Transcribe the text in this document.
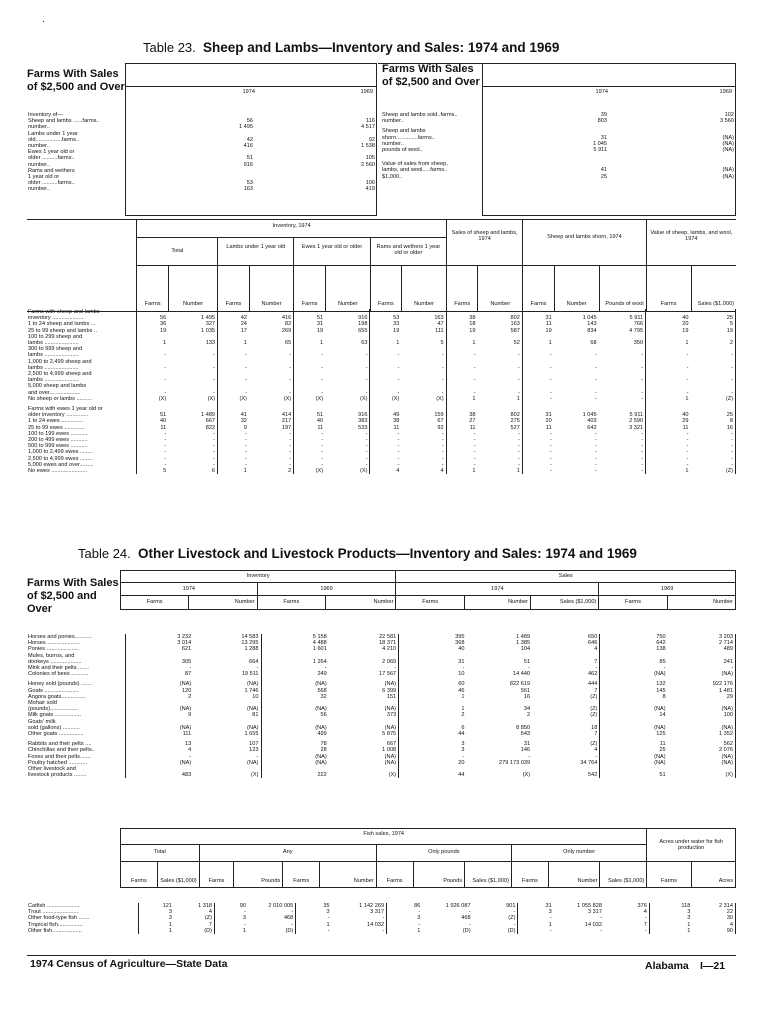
.
Table 23. Sheep and Lambs—Inventory and Sales: 1974 and 1969
Farms With Sales of $2,500 and Over
Farms With Sales of $2,500 and Over
1974	1969
Inventory of—		
Sheep and lambs ......farms..	56	116
number..	1 495	4 517
Lambs under 1 year		
old.................farms..	42	92
number..	416	1 538
Ewes 1 year old or		
older ..........farms..	51	105
number..	916	2 560
Rams and wethers		
1 year old or		
older ..........farms..	53	106
number..	163	419
1974	1969
Sheep and lambs sold..farms..	39	102
number..	803	3 560

Sheep and lambs		
shorn..............farms..	31	(NA)
number..	1 045	(NA)
pounds of wool..	5 911	(NA)

Value of sales from sheep,		
lambs, and wool.....farms..	41	(NA)
$1,000..	25	(NA)
	Inventory, 1974								Sales of sheep and lambs, 1974		Sheep and lambs shorn, 1974			Value of sheep, lambs, and wool, 1974	
	Total		Lambs under 1 year old		Ewes 1 year old or older		Rams and wethers 1 year old or older								
	Farms	Number	Farms	Number	Farms	Number	Farms	Number	Farms	Number	Farms	Number	Pounds of wool	Farms	Sales ($1,000)
Farms with sheep and lambs															
inventory ....................	56	1 495	42	416	51	916	53	163	38	802	31	1 045	5 911	40	25
1 to 24 sheep and lambs ...	36	327	24	82	31	198	33	47	18	163	11	143	766	20	5
25 to 99 sheep and lambs ..	19	1 035	17	269	19	655	19	111	19	587	19	834	4 795	19	19
100 to 299 sheep and															
lambs ......................	1	133	1	65	1	63	1	5	1	52	1	68	350	1	2
300 to 999 sheep and															
lambs ......................	-	-	-	-	-	-	-	-	-	-	-	-	-	-	-
1,000 to 2,499 sheep and															
lambs ......................	-	-	-	-	-	-	-	-	-	-	-	-	-	-	-
2,500 to 4,999 sheep and															
lambs ......................	-	-	-	-	-	-	-	-	-	-	-	-	-	-	-
5,000 sheep and lambs															
and over....................	-	-	-	-	-	-	-	-	-	-	-	-	-	-	-
No sheep or lambs ..........	(X)	(X)	(X)	(X)	(X)	(X)	(X)	(X)	1	1	-	-	-	1	(Z)

Farms with ewes 1 year old or															
older inventory ..............	51	1 489	41	414	51	916	49	159	38	802	31	1 045	5 911	40	25
1 to 24 ewes ..............	40	667	32	217	40	383	38	67	27	275	20	403	2 590	29	8
25 to 99 ewes .............	11	822	9	197	11	533	11	92	11	527	11	642	3 321	11	16
100 to 199 ewes ...........	-	-	-	-	-	-	-	-	-	-	-	-	-	-	-
200 to 499 ewes ...........	-	-	-	-	-	-	-	-	-	-	-	-	-	-	-
500 to 999 ewes ...........	-	-	-	-	-	-	-	-	-	-	-	-	-	-	-
1,000 to 2,499 ewes ........	-	-	-	-	-	-	-	-	-	-	-	-	-	-	-
2,500 to 4,999 ewes ........	-	-	-	-	-	-	-	-	-	-	-	-	-	-	-
5,000 ewes and over.........	-	-	-	-	-	-	-	-	-	-	-	-	-	-	-
No ewes .......................	5	6	1	2	(X)	(X)	4	4	1	1	-	-	-	1	(Z)
Table 24. Other Livestock and Livestock Products—Inventory and Sales: 1974 and 1969
Farms With Sales of $2,500 and Over
Inventory				Sales				
1974		1969		1974			1969	
Farms	Number	Farms	Number	Farms	Number	Sales ($1,000)	Farms	Number
Horses and ponies...........	3 232	14 583	5 158	22 581	395	1 489	650	750	3 203
Horses .....................	3 014	13 295	4 488	18 371	368	1 385	646	642	2 714
Ponies .....................	621	1 288	1 601	4 210	40	104	4	138	489
Mules, burros, and									
donkeys ....................	305	664	1 264	2 069	31	51	7	85	241
Mink and their pelts .......	-	-	-	-	-	-	-	-	-
Colonies of bees ...........	87	19 511	249	17 567	10	14 440	462	(NA)	(NA)

Honey sold (pounds) .......	(NA)	(NA)	(NA)	(NA)	60	822 619	444	132	922 176
Goats ......................	120	1 746	568	6 399	46	561	7	145	1 481
Angora goats................	2	10	32	151	1	16	(Z)	8	29
Mohair sold									
(pounds)..................	(NA)	(NA)	(NA)	(NA)	1	34	(Z)	(NA)	(NA)
Milk goats .................	9	81	56	373	2	2	(Z)	14	100
Goats' milk									
sold (gallons) ...........	(NA)	(NA)	(NA)	(NA)	6	8 850	18	(NA)	(NA)
Other goats ................	111	1 655	499	5 875	44	543	7	125	1 352

Rabbits and their pelts ....	13	107	78	667	3	31	(Z)	11	562
Chinchillas and their pelts..	4	123	28	1 008	3	146	4	25	2 076
Foxes and their pelts.......	-	-	(NA)	(NA)	-	-	-	(NA)	(NA)
Poultry hatched ............	(NA)	(NA)	(NA)	(NA)	20	279 173 039	34 764	(NA)	(NA)
Other livestock and									
livestock products ........	483	(X)	222	(X)	44	(X)	542	51	(X)
Fish sales, 1974												Acres under water for fish production	
Total		Any				Only pounds			Only number				
Farms	Sales ($1,000)	Farms	Pounds	Farms	Number	Farms	Pounds	Sales ($1,000)	Farms	Number	Sales ($1,000)	Farms	Acres
Catfish .....................	121	1 318	90	2 010 005	35	1 142 269	86	1 926 087	901	31	1 055 828	376	118	2 314
Trout .......................	3	4	-	-	3	3 317	-	-	-	3	3 317	4	3	22
Other food-type fish .......	3	(Z)	3	468	-	-	3	468	(Z)	-	-	-	3	30
Tropical fish................	1	7	-	-	1	14 032	-	-	-	1	14 032	7	1	4
Other fish...................	1	(D)	1	(D)	-	-	1	(D)	(D)	-	-	-	1	90
1974 Census of Agriculture—State Data	Alabama I—21
